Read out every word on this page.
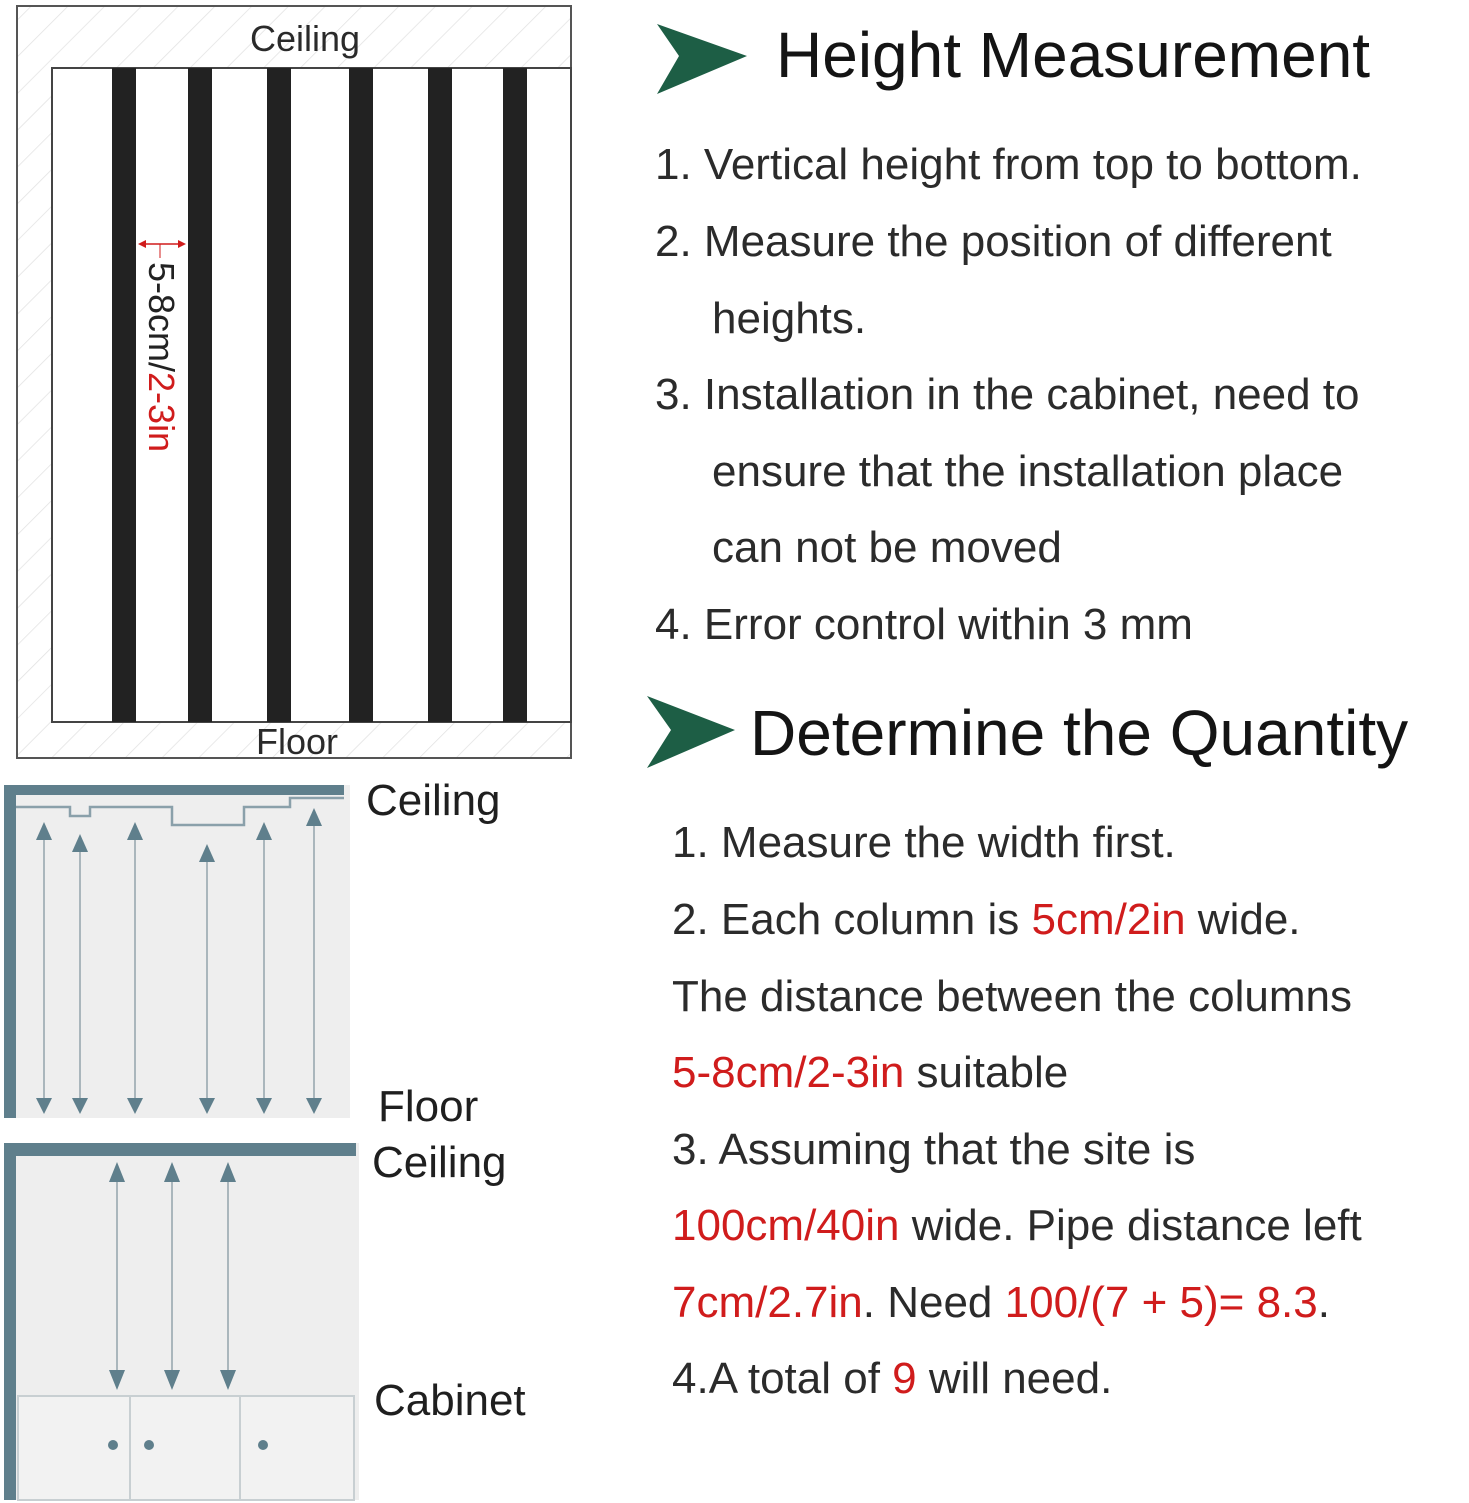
Ceiling
Floor
5-8cm/2-3in
Ceiling
Floor
Ceiling
Cabinet
Height Measurement
1. Vertical height from top to bottom.
2. Measure the position of different
heights.
3. Installation in the cabinet, need to
ensure that the installation place
can not be moved
4. Error control within 3 mm
Determine the Quantity
1. Measure the width first.
2. Each column is 5cm/2in wide.
The distance between the columns
5-8cm/2-3in suitable
3. Assuming that the site is
100cm/40in wide. Pipe distance left
7cm/2.7in. Need 100/(7 + 5)= 8.3.
4.A total of 9 will need.
